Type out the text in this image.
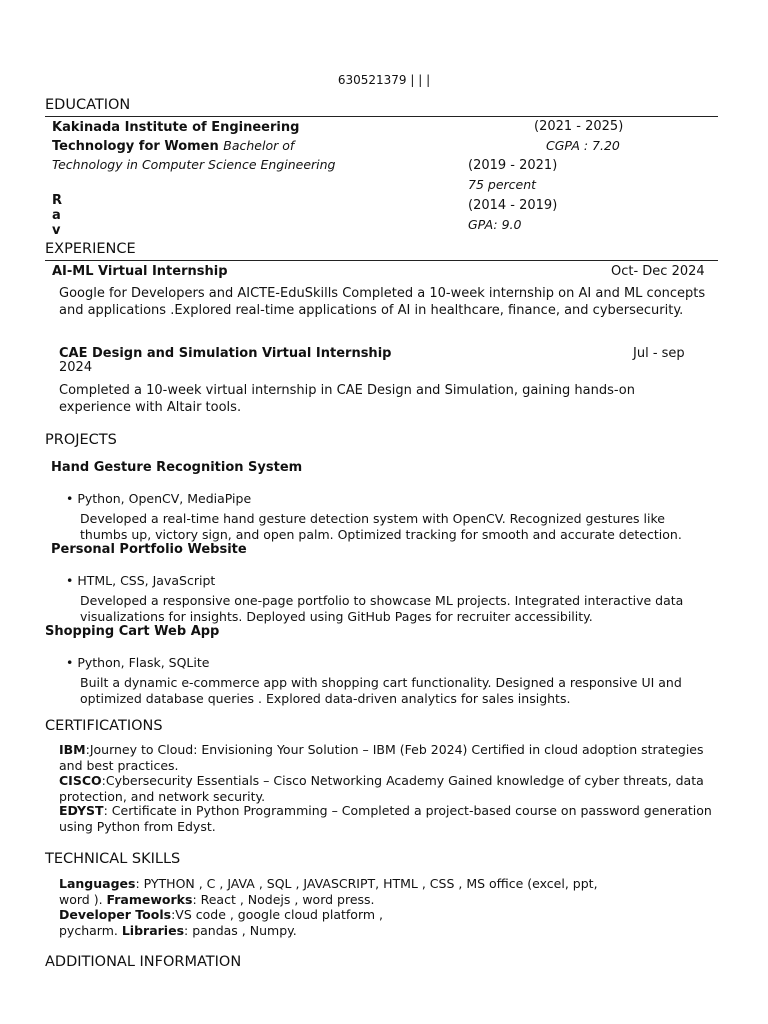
630521379 | | |
EDUCATION
Kakinada Institute of Engineering Technology for Women Bachelor of Technology in Computer Science Engineering
R
a
v
(2021 - 2025)
CGPA : 7.20
(2019 - 2021)
75 percent
(2014 - 2019)
GPA: 9.0
EXPERIENCE
AI-ML Virtual Internship	Oct- Dec 2024
Google for Developers and AICTE-EduSkills Completed a 10-week internship on AI and ML concepts and applications .Explored real-time applications of AI in healthcare, finance, and cybersecurity.
CAE Design and Simulation Virtual Internship	Jul - sep
2024
Completed a 10-week virtual internship in CAE Design and Simulation, gaining hands-on experience with Altair tools.
PROJECTS
Hand Gesture Recognition System
• Python, OpenCV, MediaPipe
Developed a real-time hand gesture detection system with OpenCV. Recognized gestures like thumbs up, victory sign, and open palm. Optimized tracking for smooth and accurate detection.
Personal Portfolio Website
• HTML, CSS, JavaScript
Developed a responsive one-page portfolio to showcase ML projects. Integrated interactive data visualizations for insights. Deployed using GitHub Pages for recruiter accessibility.
Shopping Cart Web App
• Python, Flask, SQLite
Built a dynamic e-commerce app with shopping cart functionality. Designed a responsive UI and optimized database queries . Explored data-driven analytics for sales insights.
CERTIFICATIONS
IBM:Journey to Cloud: Envisioning Your Solution – IBM (Feb 2024) Certified in cloud adoption strategies and best practices.
CISCO:Cybersecurity Essentials – Cisco Networking Academy Gained knowledge of cyber threats, data protection, and network security.
EDYST: Certificate in Python Programming – Completed a project-based course on password generation using Python from Edyst.
TECHNICAL SKILLS
Languages: PYTHON , C , JAVA , SQL , JAVASCRIPT, HTML , CSS , MS office (excel, ppt, word ). Frameworks: React , Nodejs , word press.
Developer Tools:VS code , google cloud platform , pycharm. Libraries: pandas , Numpy.
ADDITIONAL INFORMATION
